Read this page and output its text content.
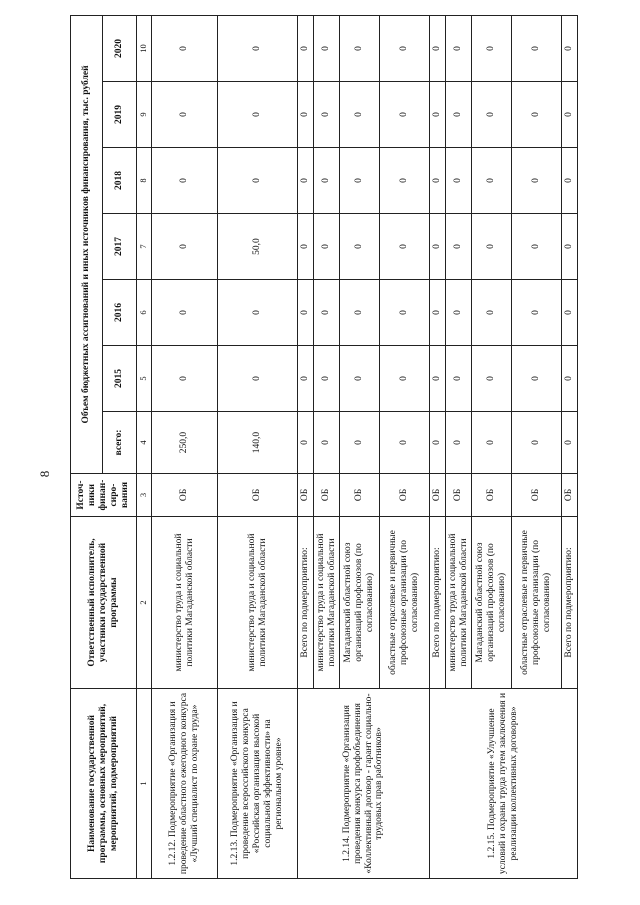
8
Наименование государственной программы, основных мероприятий, мероприятий, подмероприятий	Ответственный исполнитель, участники государственной программы	Источ-ники финан-сиро-вания	Объем бюджетных ассигнований и иных источников финансирования, тыс. рублей						
			всего:	2015	2016	2017	2018	2019	2020
1	2	3	4	5	6	7	8	9	10
1.2.12. Подмероприятие «Организация и проведение областного ежегодного конкурса «Лучший специалист по охране труда»	министерство труда и социальной политики Магаданской области	ОБ	250,0	0	0	0	0	0	0
1.2.13. Подмероприятие «Организация и проведение всероссийского конкурса «Российская организация высокой социальной эффективности» на региональном уровне»	министерство труда и социальной политики Магаданской области	ОБ	140,0	0	0	50,0	0	0	0
1.2.14. Подмероприятие «Организация проведения конкурса профобъединения «Коллективный договор - гарант социально-трудовых прав работников»	Всего по подмероприятию:	ОБ	0	0	0	0	0	0	0
	министерство труда и социальной политики Магаданской области	ОБ	0	0	0	0	0	0	0
	Магаданский областной союз организаций профсоюзов (по согласованию)	ОБ	0	0	0	0	0	0	0
	областные отраслевые и первичные профсоюзные организации (по согласованию)	ОБ	0	0	0	0	0	0	0
1.2.15. Подмероприятие «Улучшение условий и охраны труда путем заключения и реализации коллективных договоров»	Всего по подмероприятию:	ОБ	0	0	0	0	0	0	0
	министерство труда и социальной политики Магаданской области	ОБ	0	0	0	0	0	0	0
	Магаданский областной союз организаций профсоюзов (по согласованию)	ОБ	0	0	0	0	0	0	0
	областные отраслевые и первичные профсоюзные организации (по согласованию)	ОБ	0	0	0	0	0	0	0
	Всего по подмероприятию:	ОБ	0	0	0	0	0	0	0
